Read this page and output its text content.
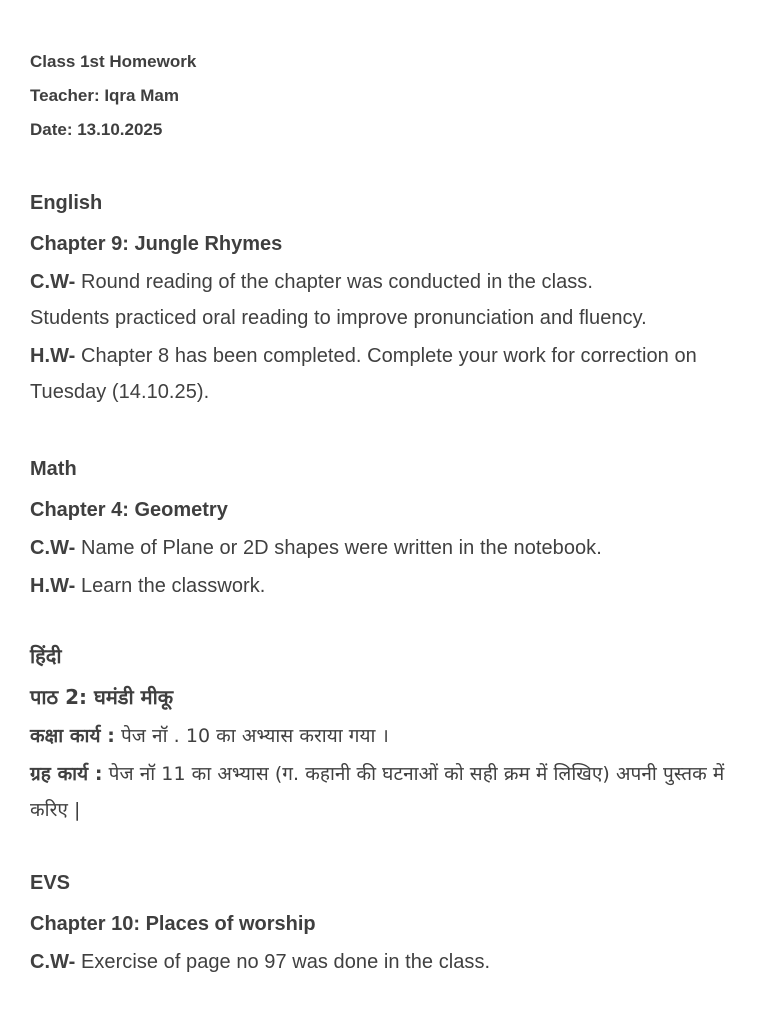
Class 1st Homework

Teacher: Iqra Mam

Date: 13.10.2025

English

Chapter 9: Jungle Rhymes

C.W- Round reading of the chapter was conducted in the class.
Students practiced oral reading to improve pronunciation and fluency.

H.W- Chapter 8 has been completed. Complete your work for correction on Tuesday (14.10.25).

Math

Chapter 4: Geometry

C.W- Name of Plane or 2D shapes were written in the notebook.

H.W- Learn the classwork.

हिंदी

पाठ 2: घमंडी मीकू

कक्षा कार्य : पेज नॉ . 10 का अभ्यास कराया गया ।

ग्रह कार्य : पेज नॉ 11 का अभ्यास (ग. कहानी की घटनाओं को सही क्रम में लिखिए) अपनी पुस्तक में करिए |

EVS

Chapter 10: Places of worship

C.W- Exercise of page no 97 was done in the class.
